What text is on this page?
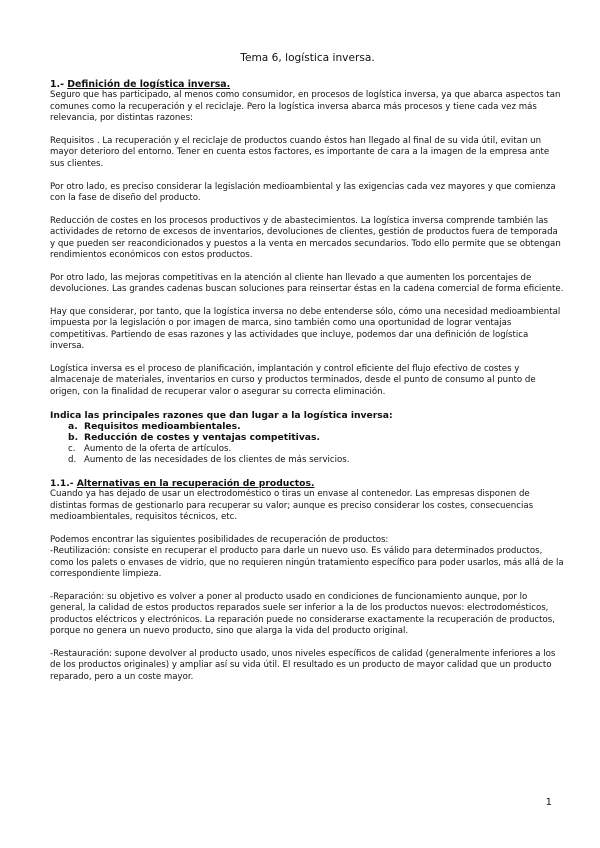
Tema 6, logística inversa.
1.- Definición de logística inversa.

Seguro que has participado, al menos como consumidor, en procesos de logística inversa, ya que abarca aspectos tan comunes como la recuperación y el reciclaje. Pero la logística inversa abarca más procesos y tiene cada vez más relevancia, por distintas razones:

Requisitos . La recuperación y el reciclaje de productos cuando éstos han llegado al final de su vida útil, evitan un mayor deterioro del entorno. Tener en cuenta estos factores, es importante de cara a la imagen de la empresa ante sus clientes.

Por otro lado, es preciso considerar la legislación medioambiental y las exigencias cada vez mayores y que comienza con la fase de diseño del producto.

Reducción de costes en los procesos productivos y de abastecimientos. La logística inversa comprende también las actividades de retorno de excesos de inventarios, devoluciones de clientes, gestión de productos fuera de temporada y que pueden ser reacondicionados y puestos a la venta en mercados secundarios. Todo ello permite que se obtengan rendimientos económicos con estos productos.

Por otro lado, las mejoras competitivas en la atención al cliente han llevado a que aumenten los porcentajes de devoluciones. Las grandes cadenas buscan soluciones para reinsertar éstas en la cadena comercial de forma eficiente.

Hay que considerar, por tanto, que la logística inversa no debe entenderse sólo, cómo una necesidad medioambiental impuesta por la legislación o por imagen de marca, sino también como una oportunidad de lograr ventajas competitivas. Partiendo de esas razones y las actividades que incluye, podemos dar una definición de logística inversa.

Logística inversa es el proceso de planificación, implantación y control eficiente del flujo efectivo de costes y almacenaje de materiales, inventarios en curso y productos terminados, desde el punto de consumo al punto de origen, con la finalidad de recuperar valor o asegurar su correcta eliminación.

Indica las principales razones que dan lugar a la logística inversa:
a. Requisitos medioambientales.
b. Reducción de costes y ventajas competitivas.
c. Aumento de la oferta de artículos.
d. Aumento de las necesidades de los clientes de más servicios.
1.1.- Alternativas en la recuperación de productos.

Cuando ya has dejado de usar un electrodoméstico o tiras un envase al contenedor. Las empresas disponen de distintas formas de gestionarlo para recuperar su valor; aunque es preciso considerar los costes, consecuencias medioambientales, requisitos técnicos, etc.

Podemos encontrar las siguientes posibilidades de recuperación de productos:

-Reutilización: consiste en recuperar el producto para darle un nuevo uso. Es válido para determinados productos, como los palets o envases de vidrio, que no requieren ningún tratamiento específico para poder usarlos, más allá de la correspondiente limpieza.

-Reparación: su objetivo es volver a poner al producto usado en condiciones de funcionamiento aunque, por lo general, la calidad de estos productos reparados suele ser inferior a la de los productos nuevos: electrodomésticos, productos eléctricos y electrónicos. La reparación puede no considerarse exactamente la recuperación de productos, porque no genera un nuevo producto, sino que alarga la vida del producto original.

-Restauración: supone devolver al producto usado, unos niveles específicos de calidad (generalmente inferiores a los de los productos originales) y ampliar así su vida útil. El resultado es un producto de mayor calidad que un producto reparado, pero a un coste mayor.

1
